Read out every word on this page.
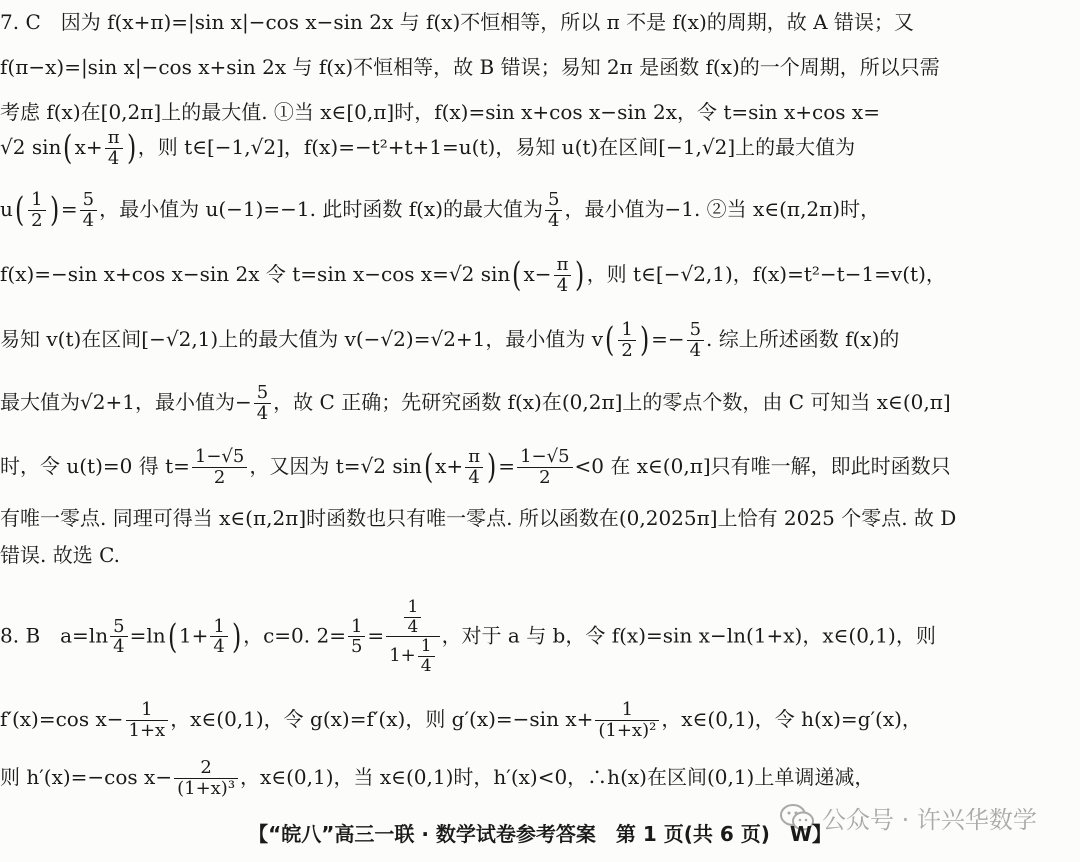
7. C　因为 f(x+π)=|sin x|−cos x−sin 2x 与 f(x)不恒相等，所以 π 不是 f(x)的周期，故 A 错误；又
f(π−x)=|sin x|−cos x+sin 2x 与 f(x)不恒相等，故 B 错误；易知 2π 是函数 f(x)的一个周期，所以只需
考虑 f(x)在[0,2π]上的最大值. ①当 x∈[0,π]时，f(x)=sin x+cos x−sin 2x，令 t=sin x+cos x=
√2 $\sin(x+ \frac{\pi}{4}$ )，则 t∈[−1,√2]，f(x)=−t²+t+1=u(t)，易知 u(t)在区间[−1,√2]上的最大值为
$u( \frac{1}{2}$ )= $\frac{5}{4}$ ，最小值为 u(−1)=−1. 此时函数 f(x)的最大值为 $\frac{5}{4}$ ，最小值为−1. ②当 x∈(π,2π)时，
f(x)=−sin x+cos x−sin 2x 令 t=sin x−cos x=√2 $\sin(x- \frac{\pi}{4}$ )，则 t∈[−√2,1)，f(x)=t²−t−1=v(t)，
易知 v(t)在区间[−√2,1)上的最大值为 v(−√2)=√2+1，最小值为 $v( \frac{1}{2}$ )=− $\frac{5}{4}$ . 综上所述函数 f(x)的
最大值为√2+1，最小值为− $\frac{5}{4}$ ，故 C 正确；先研究函数 f(x)在(0,2π]上的零点个数，由 C 可知当 x∈(0,π]
时，令 u(t)=0 得 $t= \frac{1-√5}{2}$ ，又因为 t=√2 $\sin(x+ \frac{\pi}{4}$ )= $\frac{1-√5}{2} <0$ 在 x∈(0,π]只有唯一解，即此时函数只
有唯一零点. 同理可得当 x∈(π,2π]时函数也只有唯一零点. 所以函数在(0,2025π]上恰有 2025 个零点. 故 D
错误. 故选 C.
8. B　$a=\ln \frac{5}{4} =\ln(1+ \frac{1}{4}$ )，c=0. $2= \frac{1}{5} = \frac{\frac{1}{4}}{1+ \frac{1}{4}}$ ，对于 a 与 b，令 f(x)=sin x−ln(1+x)，x∈(0,1)，则
f′(x)=cos $x- \frac{1}{1+x}$ ，x∈(0,1)，令 g(x)=f′(x)，则 g′(x)=−sin $x+ \frac{1}{\text{(1+x)²}}$ ，x∈(0,1)，令 h(x)=g′(x)，
则 h′(x)=−cos $x- \frac{2}{\text{(1+x)³}}$ ，x∈(0,1)，当 x∈(0,1)时，h′(x)<0，∴h(x)在区间(0,1)上单调递减，
公众号 · 许兴华数学
【“皖八”高三一联 · 数学试卷参考答案　第 1 页(共 6 页)　W】
